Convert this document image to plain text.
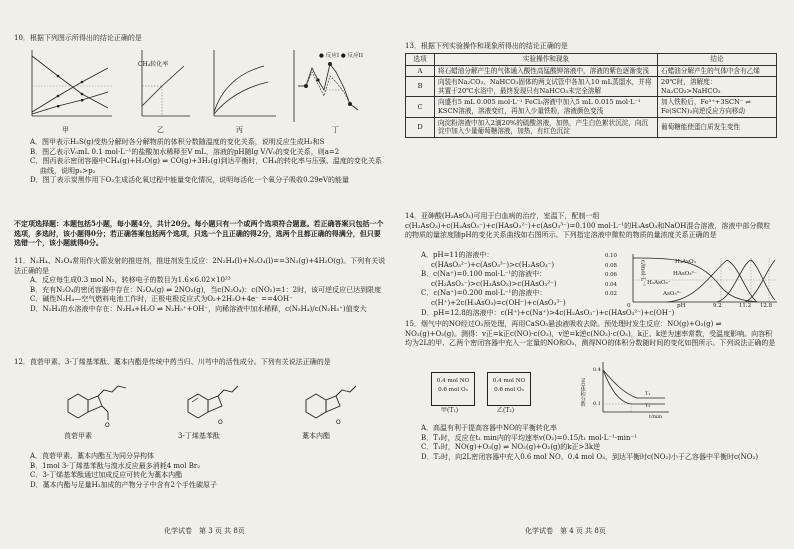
10．根据下列图示所得出的结论正确的是
CH₄转化率
● 反应I ● 反应II
甲	乙	丙	丁
A．图甲表示H₂S(g)受热分解时各分解物质的体积分数随温度的变化关系，说明反应生成H₂和S
B．图乙表示V₀mL 0.1 mol·L⁻¹的盐酸加水稀释至V mL，溶液的pH随lg V/V₀的变化关系，则a=2
C．图丙表示密闭容器中CH₄(g)+H₂O(g) ⇌ CO(g)+3H₂(g)到达平衡时，CH₄的转化率与压强、温度的变化关系曲线，说明p₁>p₂
D．图丁表示炭黑作用下O₂生成活化氧过程中能量变化情况，说明每活化一个氧分子吸收0.29eV的能量
不定项选择题：本题包括5小题，每小题4分，共计20分。每小题只有一个或两个选项符合题意。若正确答案只包括一个选项，多选时，该小题得0分；若正确答案包括两个选项，只选一个且正确的得2分，选两个且都正确的得满分，但只要选错一个，该小题就得0分。
11．N₂H₄、N₂O₄常用作火箭发射的推进剂，推进剂发生反应：2N₂H₄(l)+N₂O₄(l)==3N₂(g)+4H₂O(g)。下列有关说法正确的是
A．反应每生成0.3 mol N₂，转移电子的数目为1.6×6.02×10²³
B．充有N₂O₄的密闭容器中存在：N₂O₄(g) ⇌ 2NO₂(g)，当c(N₂O₄)：c(NO₂)=1：2时，该可逆反应已达到限度
C．碱性N₂H₄—空气燃料电池工作时，正极电极反应式为O₂+2H₂O+4e⁻ ==4OH⁻
D．N₂H₄的水溶液中存在：N₂H₄+H₂O ⇌ N₂H₅⁺+OH⁻，向稀溶液中加水稀释，c(N₂H₄)/c(N₂H₅⁺)值变大
12．莨菪甲素、3-丁烯基苯酞、藁本内酯是传统中药当归、川芎中的活性成分。下列有关说法正确的是
O	O	O
莨菪甲素	3-丁烯基苯酞	藁本内酯
A．莨菪甲素、藁本内酯互为同分异构体
B．1mol 3-丁烯基苯酞与溴水反应最多消耗4 mol Br₂
C．3-丁烯基苯酞通过加成反应可转化为藁本内酯
D．藁本内酯与足量H₂加成的产物分子中含有2个手性碳原子
化学试卷　第 3 页 共 8页
13．根据下列实验操作和现象所得出的结论正确的是
选项	实验操作和现象	结论
A	将石蜡油分解产生的气体通入酸性高锰酸钾溶液中，溶液的紫色逐渐变浅	石蜡油分解产生的气体中含有乙烯
B	向装有Na₂CO₃、NaHCO₃固体的两支试管中各加入10 mL蒸馏水，并将其置于20℃水浴中，最终发现只有NaHCO₃未完全溶解	20℃时，溶解度：Na₂CO₃>NaHCO₃
C	向盛有5 mL 0.005 mol·L⁻¹ FeCl₃溶液中加入5 mL 0.015 mol·L⁻¹ KSCN溶液，溶液变红，再加入少量铁粉，溶液颜色变浅	加入铁粉后，Fe³⁺+3SCN⁻ ⇌ Fe(SCN)₃向逆反应方向移动
D	向淀粉溶液中加入2滴20%的硫酸溶液，加热，产生白色絮状沉淀，向沉淀中加入少量葡萄糖溶液，加热，有红色沉淀	葡萄糖能使蛋白质发生变性
14．亚砷酸(H₃AsO₃)可用于白血病的治疗，室温下，配制一组c(H₃AsO₃)+c(H₂AsO₃⁻)+c(HAsO₃²⁻)+c(AsO₃³⁻)=0.100 mol·L⁻¹的H₃AsO₃和NaOH混合溶液，溶液中部分微粒的物质的量浓度随pH的变化关系曲线如右图所示。下列指定溶液中微粒的物质的量浓度关系正确的是
A．pH=11的溶液中：
c(HAsO₃²⁻)+c(AsO₃³⁻)>c(H₂AsO₃⁻)
B．c(Na⁺)=0.100 mol·L⁻¹的溶液中：
c(H₂AsO₃⁻)>c(H₃AsO₃)>c(HAsO₃²⁻)
C．c(Na⁺)=0.200 mol·L⁻¹的溶液中：
c(H⁺)+2c(H₃AsO₃)=c(OH⁻)+c(AsO₃³⁻)
D．pH=12.8的溶液中：c(H⁺)+c(Na⁺)>4c(H₂AsO₃⁻)+c(HAsO₃²⁻)+c(OH⁻)
0.10
0.08
0.06
0.04
0.02
c/mol·L⁻¹	H₃AsO₃
H₂AsO₃⁻
HAsO₃²⁻
AsO₃³⁻
0	pH	9.2	11.2 12.8
15．烟气中的NO经过O₃预处理，再用CaSO₃悬浊液吸收去除。预处理时发生反应：NO(g)+O₃(g) ⇌ NO₂(g)+O₂(g)。测得：v正=k正c(NO)·c(O₃)，v逆=k逆c(NO₂)·c(O₂)，k正、k逆为速率常数，受温度影响。向容积均为2L的甲、乙两个密闭容器中充入一定量的NO和O₃，测得NO的体积分数随时间的变化如图所示。下列说法正确的是
0.4 mol NO
0.6 mol O₃
0.4 mol NO
0.6 mol O₃
甲(T₁)	乙(T₂)
NO体积分数
0.4
0.1
T₁
T₂
t/min
A．高温有利于提高容器中NO的平衡转化率
B．T₁时，反应在t₁ min内的平均速率v(O₂)=0.15/t₁ mol·L⁻¹·min⁻¹
C．T₁时，NO(g)+O₃(g) ⇌ NO₂(g)+O₂(g)的k正>3k逆
D．T₂时，向2L密闭容器中充入0.6 mol NO、0.4 mol O₃，到达平衡时c(NO₂)小于乙容器中平衡时c(NO₂)
化学试卷　第 4 页 共 8页
